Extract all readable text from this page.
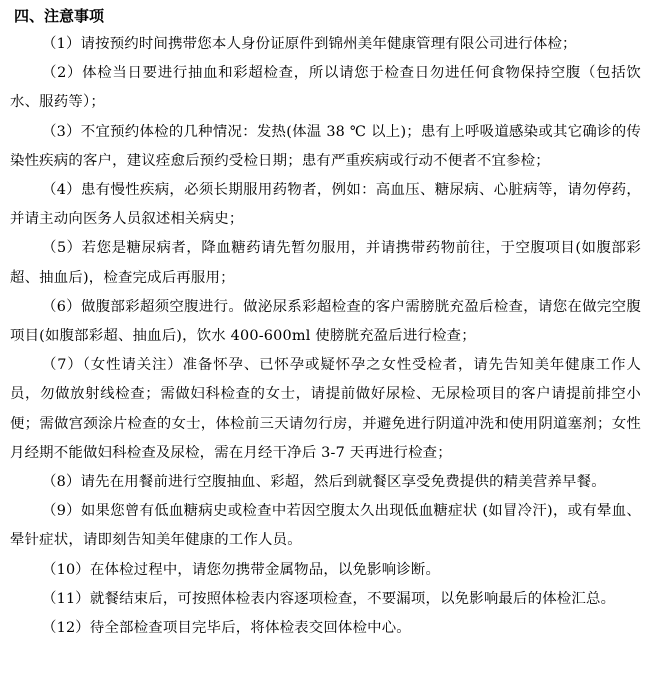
四、注意事项

（1）请按预约时间携带您本人身份证原件到锦州美年健康管理有限公司进行体检；

（2）体检当日要进行抽血和彩超检查，所以请您于检查日勿进任何食物保持空腹（包括饮水、服药等）；

（3）不宜预约体检的几种情况：发热(体温 38 ℃ 以上)；患有上呼吸道感染或其它确诊的传染性疾病的客户，建议痊愈后预约受检日期；患有严重疾病或行动不便者不宜参检；

（4）患有慢性疾病，必须长期服用药物者，例如：高血压、糖尿病、心脏病等，请勿停药，并请主动向医务人员叙述相关病史；

（5）若您是糖尿病者，降血糖药请先暂勿服用，并请携带药物前往，于空腹项目(如腹部彩超、抽血后)，检查完成后再服用；

（6）做腹部彩超须空腹进行。做泌尿系彩超检查的客户需膀胱充盈后检查，请您在做完空腹项目(如腹部彩超、抽血后)，饮水 400-600ml 使膀胱充盈后进行检查；

（7）（女性请关注）准备怀孕、已怀孕或疑怀孕之女性受检者，请先告知美年健康工作人员，勿做放射线检查；需做妇科检查的女士，请提前做好尿检、无尿检项目的客户请提前排空小便；需做宫颈涂片检查的女士，体检前三天请勿行房，并避免进行阴道冲洗和使用阴道塞剂；女性月经期不能做妇科检查及尿检，需在月经干净后 3-7 天再进行检查；

（8）请先在用餐前进行空腹抽血、彩超，然后到就餐区享受免费提供的精美营养早餐。

（9）如果您曾有低血糖病史或检查中若因空腹太久出现低血糖症状 (如冒冷汗)，或有晕血、晕针症状，请即刻告知美年健康的工作人员。

（10）在体检过程中，请您勿携带金属物品，以免影响诊断。

（11）就餐结束后，可按照体检表内容逐项检查，不要漏项，以免影响最后的体检汇总。

（12）待全部检查项目完毕后，将体检表交回体检中心。
